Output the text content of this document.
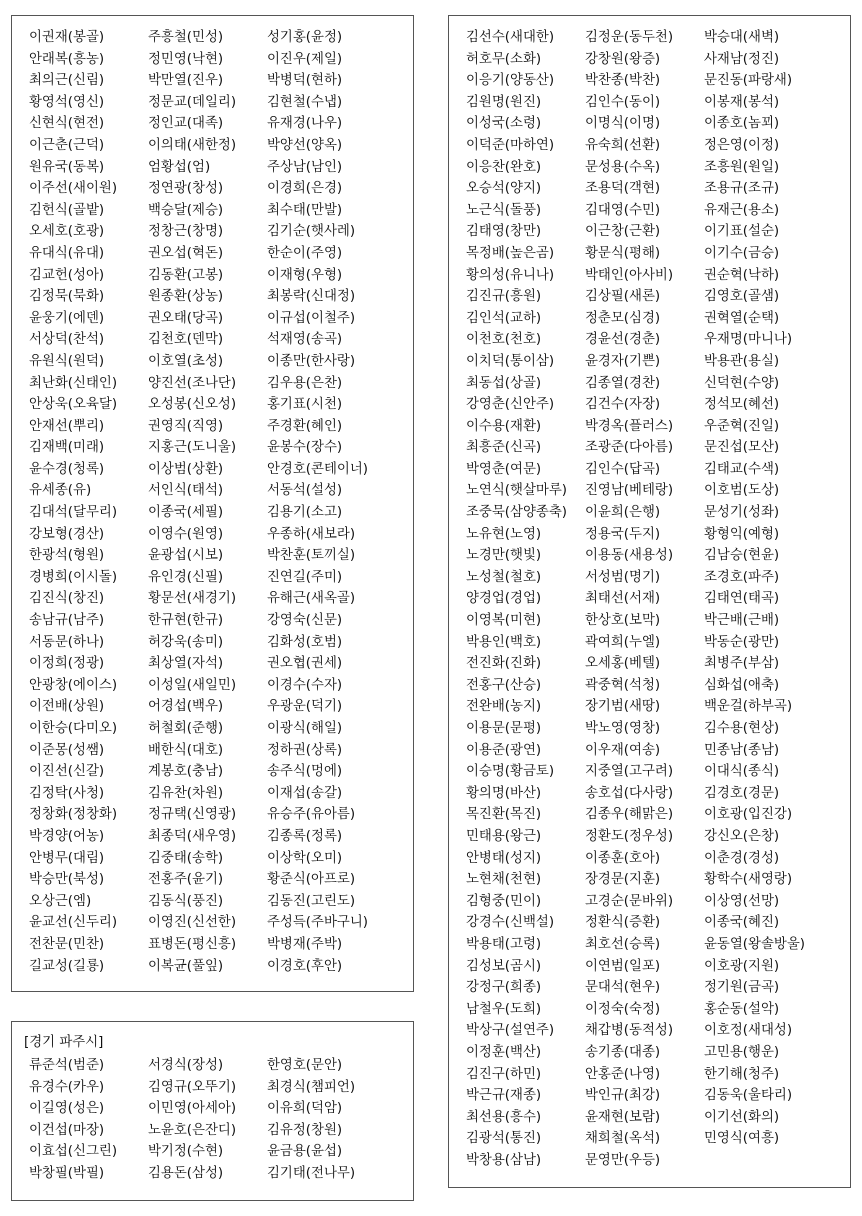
이권재(봉골)	주흥철(민성)	성기홍(윤정)
안래복(흥농)	정민영(낙현)	이진우(제일)
최의근(신림)	박만열(진우)	박병덕(현하)
황영석(영신)	정문교(데일리)	김현철(수냅)
신현식(현전)	정인교(대족)	유재경(나우)
이근춘(근덕)	이의태(새한정)	박양선(양옥)
원유국(동복)	엄황섭(엄)	주상남(남인)
이주선(새이원)	정연광(창성)	이경희(은경)
김헌식(골밭)	백승달(제승)	최수태(만발)
오세호(호광)	정창근(창명)	김기순(햇사레)
유대식(유대)	권오섭(혁돈)	한순이(주영)
김교헌(성아)	김동환(고봉)	이재형(우형)
김정묵(묵화)	원종환(상농)	최봉락(신대정)
윤웅기(에덴)	권오태(당곡)	이규섭(이철주)
서상덕(찬석)	김천호(덴막)	석재영(송곡)
유원식(원덕)	이호열(초성)	이종만(한사랑)
최난화(신태인)	양진선(조나단)	김우용(은찬)
안상욱(오육달)	오성봉(신오성)	홍기표(시천)
안재선(뿌리)	권영직(직영)	주경환(혜인)
김재백(미래)	지홍근(도니울)	윤봉수(장수)
윤수경(청록)	이상범(상환)	안경호(콘테이너)
유세종(유)	서인식(태석)	서동석(설성)
김대석(달무리)	이종국(세필)	김용기(소고)
강보형(경산)	이영수(원영)	우종하(새보라)
한광석(형원)	윤광섭(시보)	박찬훈(토끼실)
경병희(이시돌)	유인경(신필)	진연길(주미)
김진식(창진)	황문선(새경기)	유해근(새옥골)
송남규(남주)	한규현(한규)	강영숙(신문)
서동문(하나)	허강욱(송미)	김화성(호범)
이정희(정광)	최상열(자석)	권오협(권세)
안광창(에이스)	이성일(새일민)	이경수(수자)
이전배(상원)	어경섭(백우)	우광운(덕기)
이한승(다미오)	허철회(준행)	이광식(해일)
이준몽(성쌤)	배한식(대호)	정하권(상록)
이진선(신갈)	계봉호(충남)	송주식(멍에)
김정탁(사청)	김유찬(차원)	이재섭(송갈)
정창화(정창화)	정규택(신영광)	유승주(유아름)
박경양(어농)	최종덕(새우영)	김종록(정록)
안병무(대림)	김중태(송학)	이상학(오미)
박승만(북성)	전홍주(윤기)	황준식(아프로)
오상근(엠)	김동식(풍진)	김동진(고린도)
윤교선(신두리)	이영진(신선한)	주성득(주바구니)
전찬문(민찬)	표병돈(평신흥)	박병재(주박)
길교성(길룡)	이복균(풀잎)	이경호(후안)
[경기 파주시]
류준석(범준)	서경식(장성)	한영호(문안)
유경수(카우)	김영규(오뚜기)	최경식(챔피언)
이길영(성은)	이민영(아세아)	이유희(덕암)
이건섭(마장)	노윤호(은잔디)	김유정(창원)
이효섭(신그린)	박기정(수현)	윤금용(윤섭)
박창필(박필)	김용돈(삼성)	김기태(전나무)
김선수(새대한)	김정운(동두천)	박승대(새벽)
허호무(소화)	강창원(왕증)	사재남(정진)
이응기(양동산)	박찬종(박찬)	문진동(파랑새)
김원명(원진)	김인수(동이)	이봉재(봉석)
이성국(소령)	이명식(이명)	이종호(놈꾀)
이덕준(마하연)	유숙희(선환)	정은영(이정)
이응찬(완호)	문성용(수옥)	조흥원(원일)
오승석(양지)	조용덕(객현)	조용규(조규)
노근식(돌풍)	김대영(수민)	유재근(용소)
김태영(창만)	이근창(근환)	이기표(설순)
목정배(높은곰)	황문식(평해)	이기수(금승)
황의성(유니나)	박태인(아사비)	권순혁(낙하)
김진규(흥원)	김상필(새론)	김영호(골샘)
김인석(교하)	정춘모(심경)	권혁열(순택)
이천호(천호)	경윤선(경춘)	우재명(마니나)
이치덕(통이삼)	윤경자(기쁜)	박용관(용실)
최동섭(상골)	김종열(경찬)	신덕현(수양)
강영춘(신안주)	김건수(자장)	정석모(혜선)
이수용(재환)	박경옥(플러스)	우준혁(진일)
최흥준(신곡)	조광준(다아름)	문진섭(모산)
박영춘(여문)	김인수(답곡)	김태교(수색)
노연식(햇살마루)	진영남(베테랑)	이호범(도상)
조중묵(삼양종축)	이윤희(은행)	문성기(성좌)
노유현(노영)	정용국(두지)	황형익(예형)
노경만(햇빛)	이용동(새용성)	김남승(현윤)
노성철(철호)	서성범(명기)	조경호(파주)
양경업(경업)	최태선(서재)	김태연(태곡)
이영복(미현)	한상호(보막)	박근배(근배)
박용인(백호)	곽여희(누엘)	박동순(광만)
전진화(진화)	오세홍(베텔)	최병주(부삼)
전홍구(산승)	곽중혁(석청)	심화섭(애축)
전완배(농지)	장기범(새땅)	백운걸(하부곡)
이용문(문평)	박노영(영창)	김수용(현상)
이용준(광연)	이우재(여송)	민종남(종남)
이승명(황금토)	지중열(고구려)	이대식(종식)
황의명(바산)	송호섭(다사랑)	김경호(경문)
목진환(목진)	김종우(해맑은)	이호광(입진강)
민태용(왕근)	정환도(정우성)	강신오(은창)
안병태(성지)	이종훈(호아)	이춘경(경성)
노현채(천현)	장경문(지훈)	황학수(새영랑)
김형중(민이)	고경순(문바위)	이상영(선망)
강경수(신백설)	정환식(증환)	이종국(혜진)
박용태(고령)	최호선(승록)	윤동열(왕솔방울)
김성보(곰시)	이연범(일포)	이호광(지원)
강정구(희종)	문대석(현우)	정기원(금곡)
남철우(도희)	이정숙(숙정)	홍순동(설악)
박상구(설연주)	채갑병(동적성)	이호정(새대성)
이정훈(백산)	송기종(대종)	고민용(행운)
김진구(하민)	안홍준(나영)	한기해(청주)
박근규(재종)	박인규(최강)	김동욱(울타리)
최선용(흥수)	윤재현(보람)	이기선(화의)
김광석(통진)	채희철(옥석)	민영식(여흥)
박창용(삼남)	문영만(우등)
